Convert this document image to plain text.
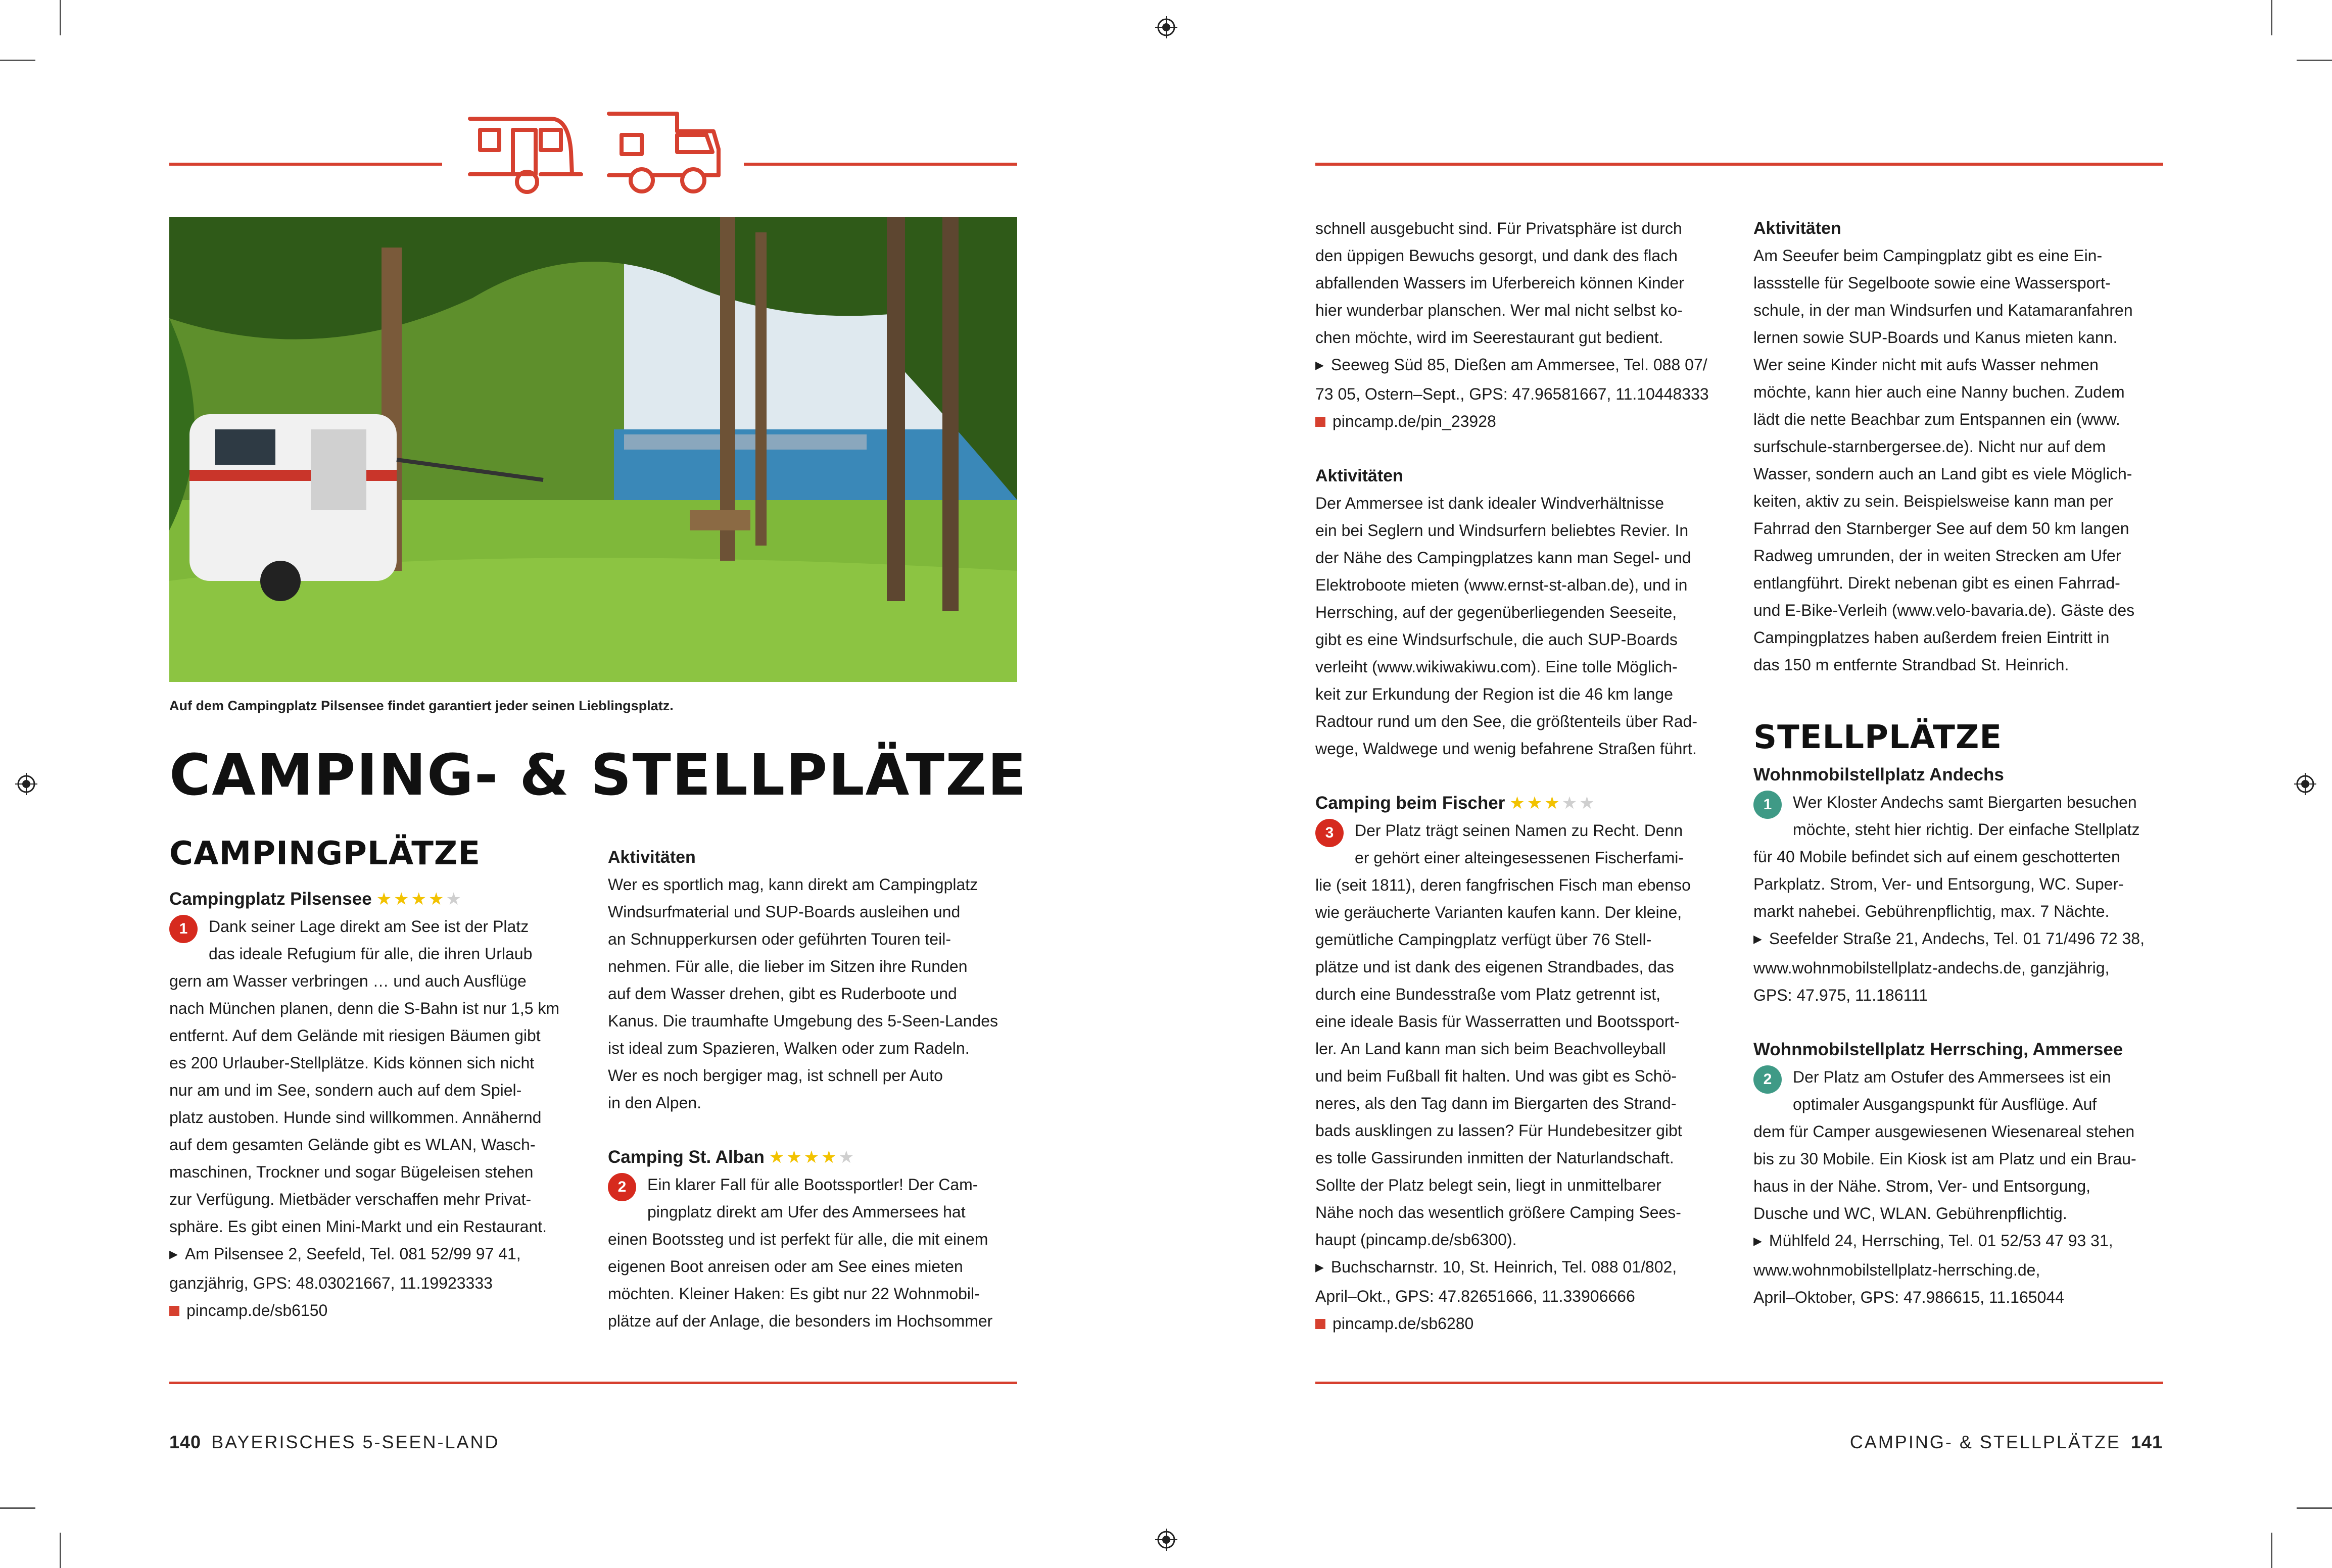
Auf dem Campingplatz Pilsensee findet garantiert jeder seinen Lieblingsplatz.
CAMPING- & STELLPLÄTZE
CAMPINGPLÄTZE
Campingplatz Pilsensee ★★★★★
1	Dank seiner Lage direkt am See ist der Platz
das ideale Refugium für alle, die ihren Urlaub
gern am Wasser verbringen … und auch Ausflüge
nach München planen, denn die S-Bahn ist nur 1,5 km
entfernt. Auf dem Gelände mit riesigen Bäumen gibt
es 200 Urlauber-Stellplätze. Kids können sich nicht
nur am und im See, sondern auch auf dem Spiel-
platz austoben. Hunde sind willkommen. Annähernd
auf dem gesamten Gelände gibt es WLAN, Wasch-
maschinen, Trockner und sogar Bügeleisen stehen
zur Verfügung. Mietbäder verschaffen mehr Privat-
sphäre. Es gibt einen Mini-Markt und ein Restaurant.
▶ Am Pilsensee 2, Seefeld, Tel. 081 52/99 97 41,
ganzjährig, GPS: 48.03021667, 11.19923333
pincamp.de/sb6150
Aktivitäten
Wer es sportlich mag, kann direkt am Campingplatz
Windsurfmaterial und SUP-Boards ausleihen und
an Schnupperkursen oder geführten Touren teil-
nehmen. Für alle, die lieber im Sitzen ihre Runden
auf dem Wasser drehen, gibt es Ruderboote und
Kanus. Die traumhafte Umgebung des 5-Seen-Landes
ist ideal zum Spazieren, Walken oder zum Radeln.
Wer es noch bergiger mag, ist schnell per Auto
in den Alpen.
Camping St. Alban ★★★★★
2	Ein klarer Fall für alle Bootssportler! Der Cam-
pingplatz direkt am Ufer des Ammersees hat
einen Bootssteg und ist perfekt für alle, die mit einem
eigenen Boot anreisen oder am See eines mieten
möchten. Kleiner Haken: Es gibt nur 22 Wohnmobil-
plätze auf der Anlage, die besonders im Hochsommer
schnell ausgebucht sind. Für Privatsphäre ist durch
den üppigen Bewuchs gesorgt, und dank des flach
abfallenden Wassers im Uferbereich können Kinder
hier wunderbar planschen. Wer mal nicht selbst ko-
chen möchte, wird im Seerestaurant gut bedient.
▶ Seeweg Süd 85, Dießen am Ammersee, Tel. 088 07/
73 05, Ostern–Sept., GPS: 47.96581667, 11.10448333
pincamp.de/pin_23928
Aktivitäten
Der Ammersee ist dank idealer Windverhältnisse
ein bei Seglern und Windsurfern beliebtes Revier. In
der Nähe des Campingplatzes kann man Segel- und
Elektroboote mieten (www.ernst-st-alban.de), und in
Herrsching, auf der gegenüberliegenden Seeseite,
gibt es eine Windsurfschule, die auch SUP-Boards
verleiht (www.wikiwakiwu.com). Eine tolle Möglich-
keit zur Erkundung der Region ist die 46 km lange
Radtour rund um den See, die größtenteils über Rad-
wege, Waldwege und wenig befahrene Straßen führt.
Camping beim Fischer ★★★★★
3	Der Platz trägt seinen Namen zu Recht. Denn
er gehört einer alteingesessenen Fischerfami-
lie (seit 1811), deren fangfrischen Fisch man ebenso
wie geräucherte Varianten kaufen kann. Der kleine,
gemütliche Campingplatz verfügt über 76 Stell-
plätze und ist dank des eigenen Strandbades, das
durch eine Bundesstraße vom Platz getrennt ist,
eine ideale Basis für Wasserratten und Bootssport-
ler. An Land kann man sich beim Beachvolleyball
und beim Fußball fit halten. Und was gibt es Schö-
neres, als den Tag dann im Biergarten des Strand-
bads ausklingen zu lassen? Für Hundebesitzer gibt
es tolle Gassirunden inmitten der Naturlandschaft.
Sollte der Platz belegt sein, liegt in unmittelbarer
Nähe noch das wesentlich größere Camping Sees-
haupt (pincamp.de/sb6300).
▶ Buchscharnstr. 10, St. Heinrich, Tel. 088 01/802,
April–Okt., GPS: 47.82651666, 11.33906666
pincamp.de/sb6280
Aktivitäten
Am Seeufer beim Campingplatz gibt es eine Ein-
lassstelle für Segelboote sowie eine Wassersport-
schule, in der man Windsurfen und Katamaranfahren
lernen sowie SUP-Boards und Kanus mieten kann.
Wer seine Kinder nicht mit aufs Wasser nehmen
möchte, kann hier auch eine Nanny buchen. Zudem
lädt die nette Beachbar zum Entspannen ein (www.
surfschule-starnbergersee.de). Nicht nur auf dem
Wasser, sondern auch an Land gibt es viele Möglich-
keiten, aktiv zu sein. Beispielsweise kann man per
Fahrrad den Starnberger See auf dem 50 km langen
Radweg umrunden, der in weiten Strecken am Ufer
entlangführt. Direkt nebenan gibt es einen Fahrrad-
und E-Bike-Verleih (www.velo-bavaria.de). Gäste des
Campingplatzes haben außerdem freien Eintritt in
das 150 m entfernte Strandbad St. Heinrich.
STELLPLÄTZE
Wohnmobilstellplatz Andechs
1	Wer Kloster Andechs samt Biergarten besuchen
möchte, steht hier richtig. Der einfache Stellplatz
für 40 Mobile befindet sich auf einem geschotterten
Parkplatz. Strom, Ver- und Entsorgung, WC. Super-
markt nahebei. Gebührenpflichtig, max. 7 Nächte.
▶ Seefelder Straße 21, Andechs, Tel. 01 71/496 72 38,
www.wohnmobilstellplatz-andechs.de, ganzjährig,
GPS: 47.975, 11.186111
Wohnmobilstellplatz Herrsching, Ammersee
2	Der Platz am Ostufer des Ammersees ist ein
optimaler Ausgangspunkt für Ausflüge. Auf
dem für Camper ausgewiesenen Wiesenareal stehen
bis zu 30 Mobile. Ein Kiosk ist am Platz und ein Brau-
haus in der Nähe. Strom, Ver- und Entsorgung,
Dusche und WC, WLAN. Gebührenpflichtig.
▶ Mühlfeld 24, Herrsching, Tel. 01 52/53 47 93 31,
www.wohnmobilstellplatz-herrsching.de,
April–Oktober, GPS: 47.986615, 11.165044
140 BAYERISCHES 5-SEEN-LAND	CAMPING- & STELLPLÄTZE 141
